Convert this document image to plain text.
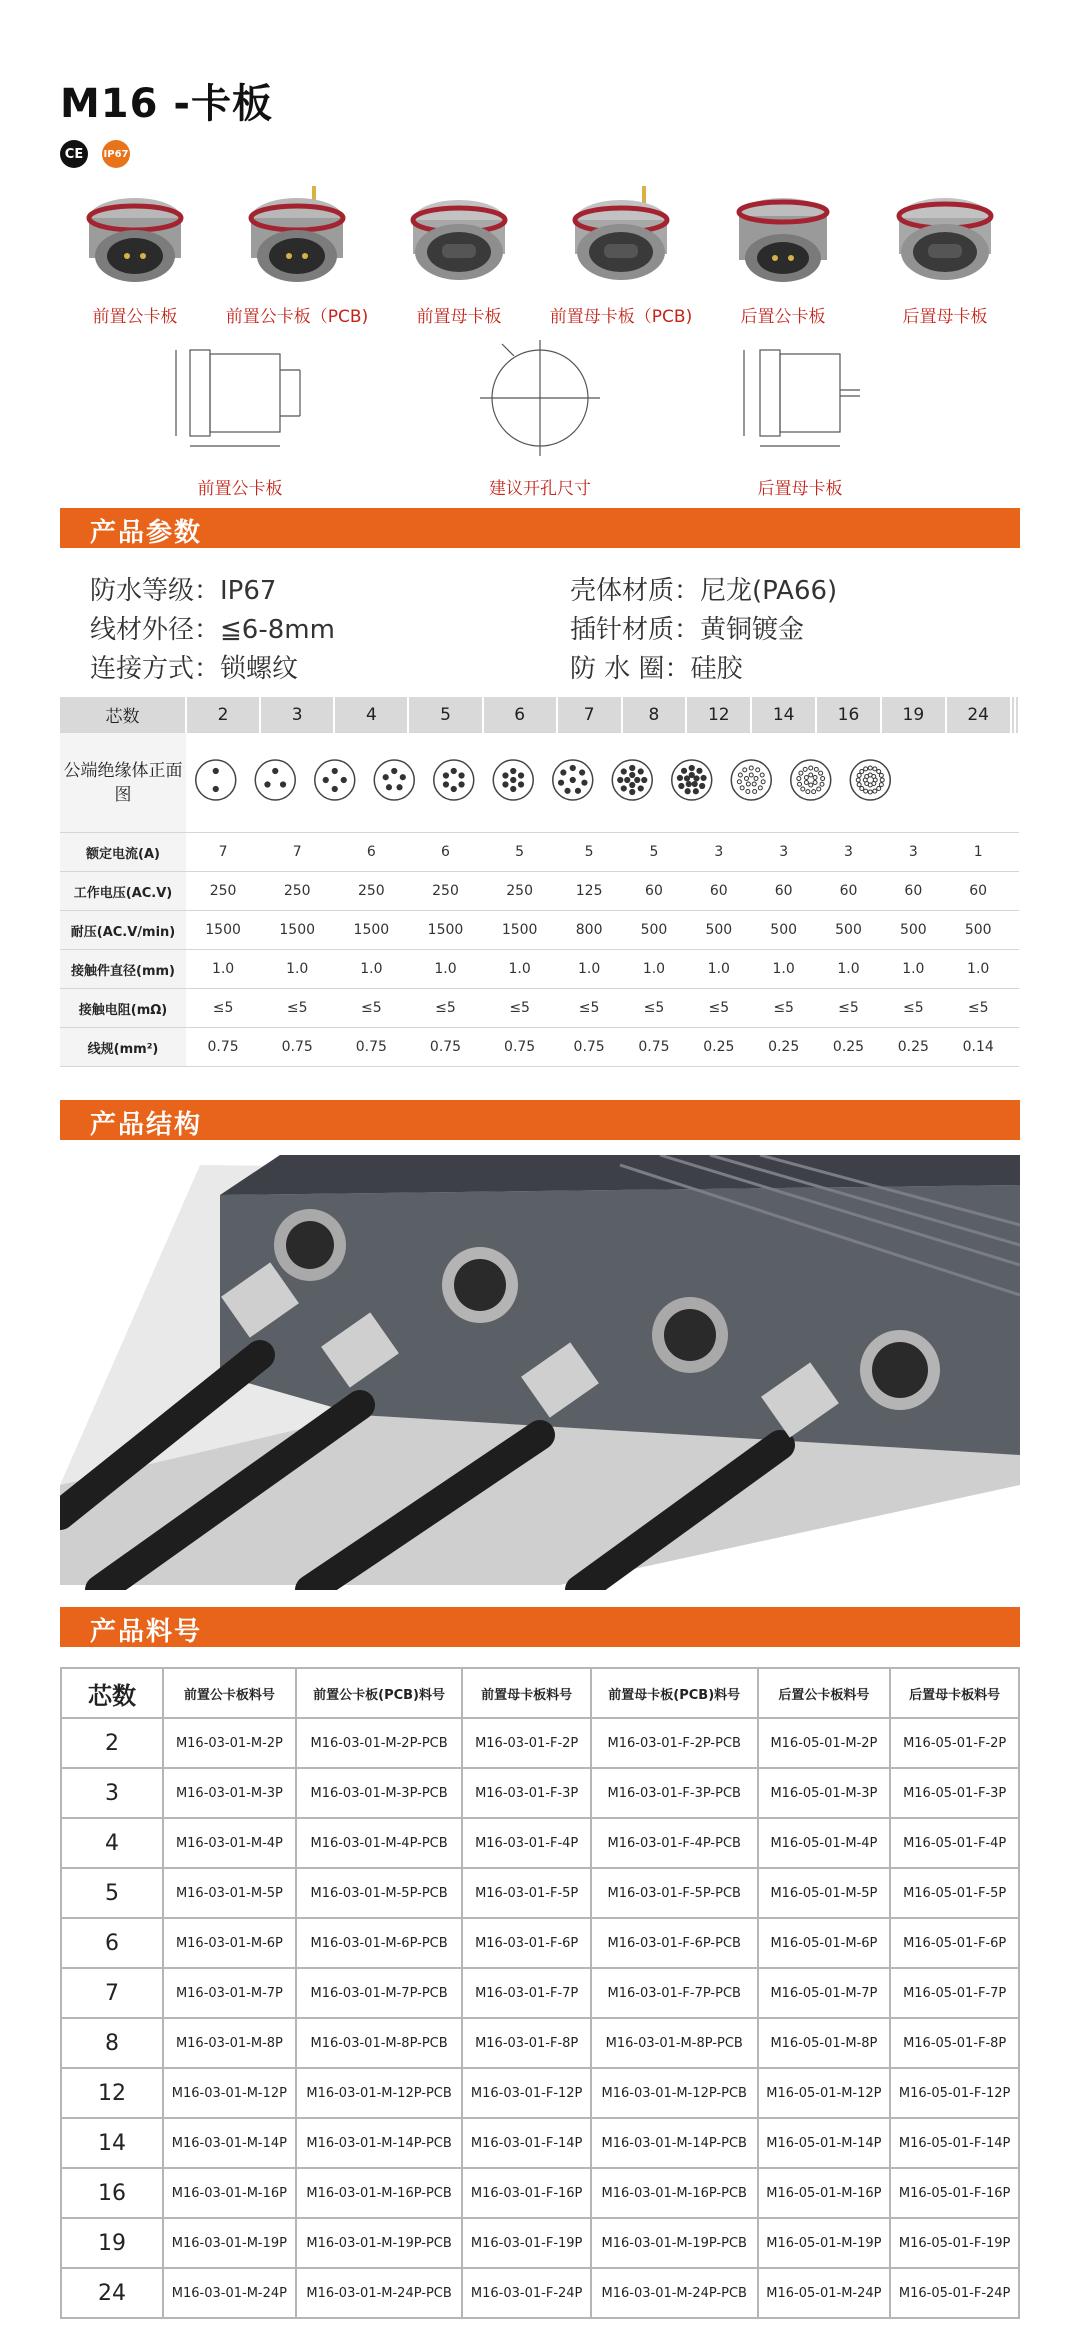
M16 -卡板
CE	IP67
前置公卡板	前置公卡板（PCB)	前置母卡板	前置母卡板（PCB)	后置公卡板	后置母卡板
前置公卡板	建议开孔尺寸	后置母卡板
产品参数
防水等级：IP67	壳体材质：尼龙(PA66)
线材外径：≦6-8mm	插针材质：黄铜镀金
连接方式：锁螺纹	防 水 圈：硅胶
芯数	2	3	4	5	6	7	8	12	14	16	19	24		
公端绝缘体正面图	
额定电流(A)	7	7	6	6	5	5	5	3	3	3	3	1		
工作电压(AC.V)	250	250	250	250	250	125	60	60	60	60	60	60		
耐压(AC.V/min)	1500	1500	1500	1500	1500	800	500	500	500	500	500	500		
接触件直径(mm)	1.0	1.0	1.0	1.0	1.0	1.0	1.0	1.0	1.0	1.0	1.0	1.0		
接触电阻(mΩ)	≤5	≤5	≤5	≤5	≤5	≤5	≤5	≤5	≤5	≤5	≤5	≤5		
线规(mm²)	0.75	0.75	0.75	0.75	0.75	0.75	0.75	0.25	0.25	0.25	0.25	0.14		
产品结构
产品料号
芯数	前置公卡板料号	前置公卡板(PCB)料号	前置母卡板料号	前置母卡板(PCB)料号	后置公卡板料号	后置母卡板料号
2	M16-03-01-M-2P	M16-03-01-M-2P-PCB	M16-03-01-F-2P	M16-03-01-F-2P-PCB	M16-05-01-M-2P	M16-05-01-F-2P
3	M16-03-01-M-3P	M16-03-01-M-3P-PCB	M16-03-01-F-3P	M16-03-01-F-3P-PCB	M16-05-01-M-3P	M16-05-01-F-3P
4	M16-03-01-M-4P	M16-03-01-M-4P-PCB	M16-03-01-F-4P	M16-03-01-F-4P-PCB	M16-05-01-M-4P	M16-05-01-F-4P
5	M16-03-01-M-5P	M16-03-01-M-5P-PCB	M16-03-01-F-5P	M16-03-01-F-5P-PCB	M16-05-01-M-5P	M16-05-01-F-5P
6	M16-03-01-M-6P	M16-03-01-M-6P-PCB	M16-03-01-F-6P	M16-03-01-F-6P-PCB	M16-05-01-M-6P	M16-05-01-F-6P
7	M16-03-01-M-7P	M16-03-01-M-7P-PCB	M16-03-01-F-7P	M16-03-01-F-7P-PCB	M16-05-01-M-7P	M16-05-01-F-7P
8	M16-03-01-M-8P	M16-03-01-M-8P-PCB	M16-03-01-F-8P	M16-03-01-M-8P-PCB	M16-05-01-M-8P	M16-05-01-F-8P
12	M16-03-01-M-12P	M16-03-01-M-12P-PCB	M16-03-01-F-12P	M16-03-01-M-12P-PCB	M16-05-01-M-12P	M16-05-01-F-12P
14	M16-03-01-M-14P	M16-03-01-M-14P-PCB	M16-03-01-F-14P	M16-03-01-M-14P-PCB	M16-05-01-M-14P	M16-05-01-F-14P
16	M16-03-01-M-16P	M16-03-01-M-16P-PCB	M16-03-01-F-16P	M16-03-01-M-16P-PCB	M16-05-01-M-16P	M16-05-01-F-16P
19	M16-03-01-M-19P	M16-03-01-M-19P-PCB	M16-03-01-F-19P	M16-03-01-M-19P-PCB	M16-05-01-M-19P	M16-05-01-F-19P
24	M16-03-01-M-24P	M16-03-01-M-24P-PCB	M16-03-01-F-24P	M16-03-01-M-24P-PCB	M16-05-01-M-24P	M16-05-01-F-24P
